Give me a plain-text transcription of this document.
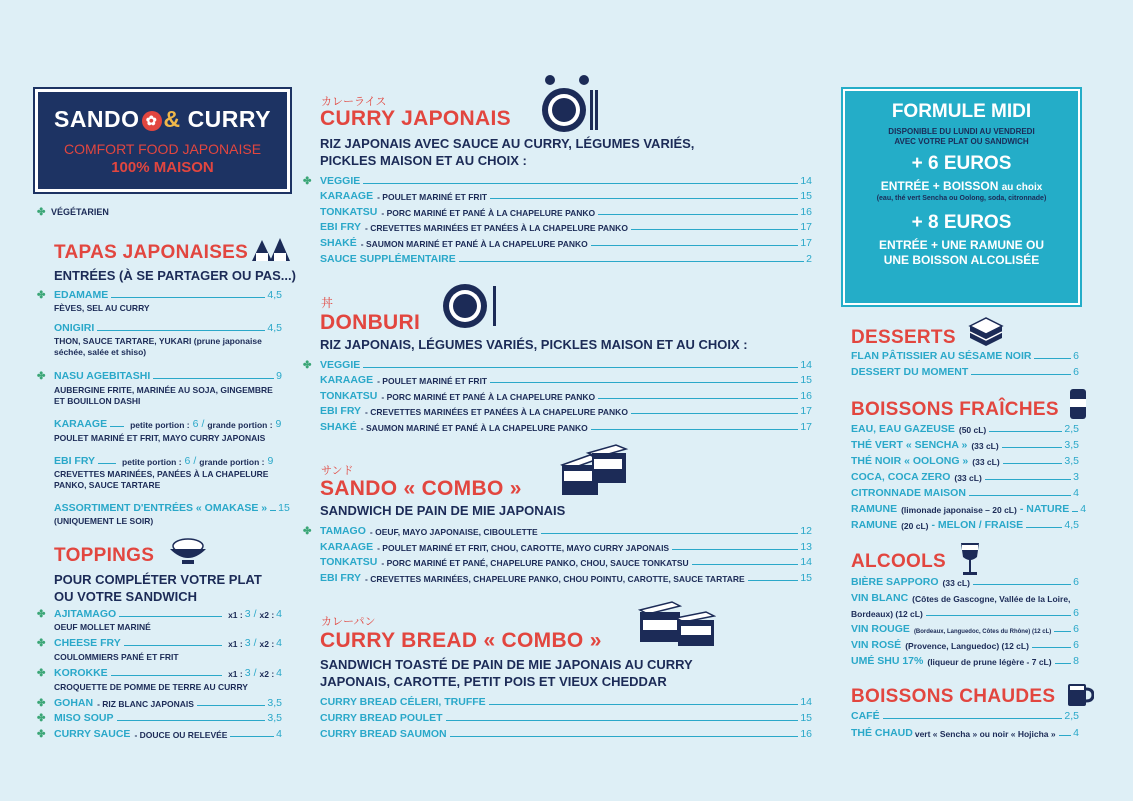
SANDO ✿ & CURRY
COMFORT FOOD JAPONAISE
100% MAISON
✤ VÉGÉTARIEN
TAPAS JAPONAISES
ENTRÉES (À SE PARTAGER OU PAS...)
✤ EDAMAME	4,5
FÈVES, SEL AU CURRY
ONIGIRI	4,5
THON, SAUCE TARTARE, YUKARI (prune japonaise séchée, salée et shiso)
✤ NASU AGEBITASHI	9
AUBERGINE FRITE, MARINÉE AU SOJA, GINGEMBRE ET BOUILLON DASHI
KARAAGE	petite portion : 6 / grande portion : 9
POULET MARINÉ ET FRIT, MAYO CURRY JAPONAIS
EBI FRY	petite portion : 6 / grande portion : 9
CREVETTES MARINÉES, PANÉES À LA CHAPELURE PANKO, SAUCE TARTARE
ASSORTIMENT D'ENTRÉES « OMAKASE » 15
(UNIQUEMENT LE SOIR)
TOPPINGS
POUR COMPLÉTER VOTRE PLAT OU VOTRE SANDWICH
✤ AJITAMAGO	x1 : 3 / x2 : 4
OEUF MOLLET MARINÉ
✤ CHEESE FRY	x1 : 3 / x2 : 4
COULOMMIERS PANÉ ET FRIT
✤ KOROKKE	x1 : 3 / x2 : 4
CROQUETTE DE POMME DE TERRE AU CURRY
✤ GOHAN - RIZ BLANC JAPONAIS	3,5
✤ MISO SOUP	3,5
✤ CURRY SAUCE - DOUCE OU RELEVÉE	4
カレーライス
CURRY JAPONAIS
RIZ JAPONAIS AVEC SAUCE AU CURRY, LÉGUMES VARIÉS, PICKLES MAISON ET AU CHOIX :
✤ VEGGIE	14
KARAAGE - POULET MARINÉ ET FRIT	15
TONKATSU - PORC MARINÉ ET PANÉ À LA CHAPELURE PANKO	16
EBI FRY - CREVETTES MARINÉES ET PANÉES À LA CHAPELURE PANKO	17
SHAKÉ - SAUMON MARINÉ ET PANÉ À LA CHAPELURE PANKO	17
SAUCE SUPPLÉMENTAIRE	2
丼
DONBURI
RIZ JAPONAIS, LÉGUMES VARIÉS, PICKLES MAISON ET AU CHOIX :
✤ VEGGIE	14
KARAAGE - POULET MARINÉ ET FRIT	15
TONKATSU - PORC MARINÉ ET PANÉ À LA CHAPELURE PANKO	16
EBI FRY - CREVETTES MARINÉES ET PANÉES À LA CHAPELURE PANKO	17
SHAKÉ - SAUMON MARINÉ ET PANÉ À LA CHAPELURE PANKO	17
サンド
SANDO « COMBO »
SANDWICH DE PAIN DE MIE JAPONAIS
✤ TAMAGO - OEUF, MAYO JAPONAISE, CIBOULETTE	12
KARAAGE - POULET MARINÉ ET FRIT, CHOU, CAROTTE, MAYO CURRY JAPONAIS	13
TONKATSU - PORC MARINÉ ET PANÉ, CHAPELURE PANKO, CHOU, SAUCE TONKATSU	14
EBI FRY - CREVETTES MARINÉES, CHAPELURE PANKO, CHOU POINTU, CAROTTE, SAUCE TARTARE	15
カレーパン
CURRY BREAD « COMBO »
SANDWICH TOASTÉ DE PAIN DE MIE JAPONAIS AU CURRY JAPONAIS, CAROTTE, PETIT POIS ET VIEUX CHEDDAR
CURRY BREAD CÉLERI, TRUFFE	14
CURRY BREAD POULET	15
CURRY BREAD SAUMON	16
FORMULE MIDI
DISPONIBLE DU LUNDI AU VENDREDI AVEC VOTRE PLAT OU SANDWICH
+ 6 EUROS
ENTRÉE + BOISSON au choix
(eau, thé vert Sencha ou Oolong, soda, citronnade)
+ 8 EUROS
ENTRÉE + UNE RAMUNE OU UNE BOISSON ALCOLISÉE
DESSERTS
FLAN PÂTISSIER AU SÉSAME NOIR	6
DESSERT DU MOMENT	6
BOISSONS FRAÎCHES
EAU, EAU GAZEUSE (50 cL)	2,5
THÉ VERT « SENCHA » (33 cL)	3,5
THÉ NOIR « OOLONG » (33 cL)	3,5
COCA, COCA ZERO (33 cL)	3
CITRONNADE MAISON	4
RAMUNE (limonade japonaise – 20 cL) - NATURE 4
RAMUNE (20 cL) - MELON / FRAISE	4,5
ALCOOLS
BIÈRE SAPPORO (33 cL)	6
VIN BLANC (Côtes de Gascogne, Vallée de la Loire,
Bordeaux) (12 cL)	6
VIN ROUGE (Bordeaux, Languedoc, Côtes du Rhône) (12 cL) 6
VIN ROSÉ (Provence, Languedoc) (12 cL)	6
UMÉ SHU 17% (liqueur de prune légère - 7 cL) 8
BOISSONS CHAUDES
CAFÉ	2,5
THÉ CHAUD vert « Sencha » ou noir « Hojicha » 4
